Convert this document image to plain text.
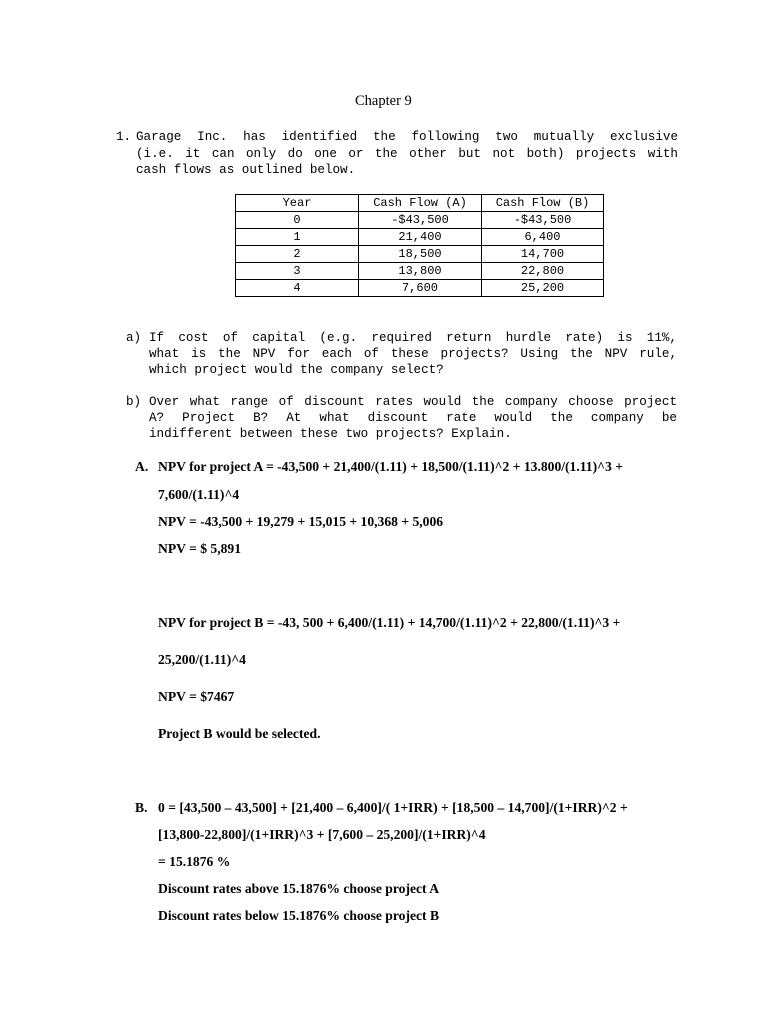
Chapter 9

1.

Garage Inc. has identified the following two mutually exclusive

(i.e. it can only do one or the other but not both) projects with

cash flows as outlined below.

Year	Cash Flow (A)	Cash Flow (B)
0	-$43,500	-$43,500
1	21,400	6,400
2	18,500	14,700
3	13,800	22,800
4	7,600	25,200

a)

If cost of capital (e.g. required return hurdle rate) is 11%,

what is the NPV for each of these projects? Using the NPV rule,

which project would the company select?

b)

Over what range of discount rates would the company choose project

A? Project B? At what discount rate would the company be

indifferent between these two projects? Explain.

A. NPV for project A = -43,500 + 21,400/(1.11) + 18,500/(1.11)^2 + 13.800/(1.11)^3 +
7,600/(1.11)^4
NPV = -43,500 + 19,279 + 15,015 + 10,368 + 5,006
NPV = $ 5,891
NPV for project B = -43, 500 + 6,400/(1.11) + 14,700/(1.11)^2 + 22,800/(1.11)^3 +
25,200/(1.11)^4
NPV = $7467
Project B would be selected.
B. 0 = [43,500 – 43,500] + [21,400 – 6,400]/( 1+IRR) + [18,500 – 14,700]/(1+IRR)^2 +
[13,800-22,800]/(1+IRR)^3 + [7,600 – 25,200]/(1+IRR)^4
= 15.1876 %
Discount rates above 15.1876% choose project A
Discount rates below 15.1876% choose project B
